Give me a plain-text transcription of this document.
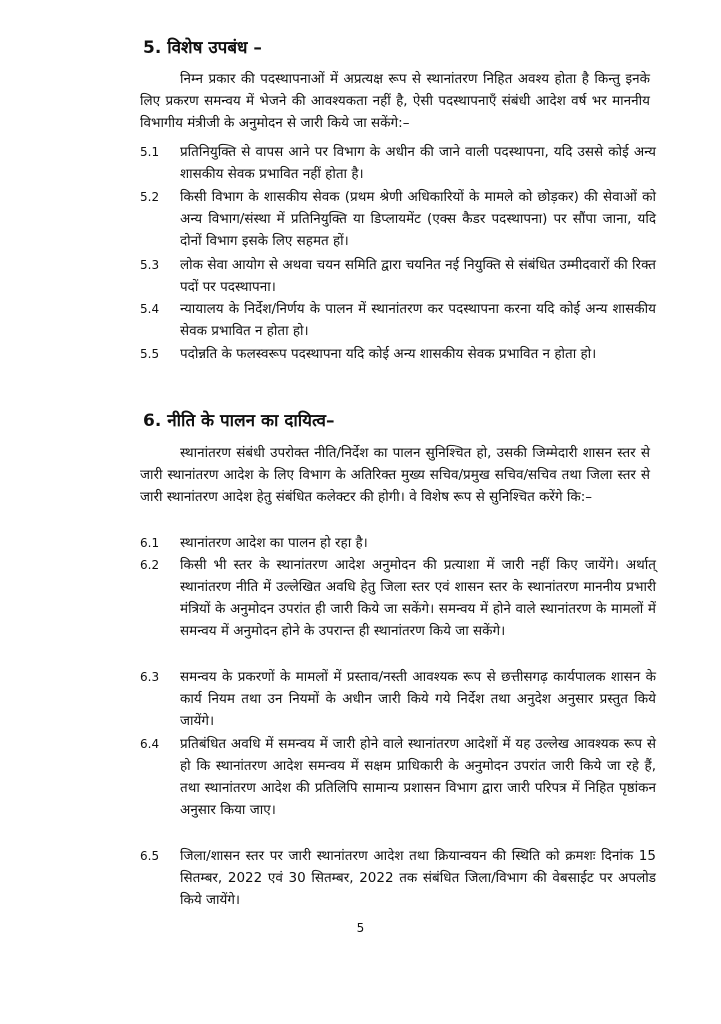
5. विशेष उपबंध –

निम्न प्रकार की पदस्थापनाओं में अप्रत्यक्ष रूप से स्थानांतरण निहित अवश्य होता है किन्तु इनके लिए प्रकरण समन्वय में भेजने की आवश्यकता नहीं है, ऐसी पदस्थापनाएँ संबंधी आदेश वर्ष भर माननीय विभागीय मंत्रीजी के अनुमोदन से जारी किये जा सकेंगे:–

5.1	प्रतिनियुक्ति से वापस आने पर विभाग के अधीन की जाने वाली पदस्थापना, यदि उससे कोई अन्य शासकीय सेवक प्रभावित नहीं होता है।
5.2	किसी विभाग के शासकीय सेवक (प्रथम श्रेणी अधिकारियों के मामले को छोड़कर) की सेवाओं को अन्य विभाग/संस्था में प्रतिनियुक्ति या डिप्लायमेंट (एक्स कैडर पदस्थापना) पर सौंपा जाना, यदि दोनों विभाग इसके लिए सहमत हों।
5.3	लोक सेवा आयोग से अथवा चयन समिति द्वारा चयनित नई नियुक्ति से संबंधित उम्मीदवारों की रिक्त पदों पर पदस्थापना।
5.4	न्यायालय के निर्देश/निर्णय के पालन में स्थानांतरण कर पदस्थापना करना यदि कोई अन्य शासकीय सेवक प्रभावित न होता हो।
5.5	पदोन्नति के फलस्वरूप पदस्थापना यदि कोई अन्य शासकीय सेवक प्रभावित न होता हो।
6. नीति के पालन का दायित्व–

स्थानांतरण संबंधी उपरोक्त नीति/निर्देश का पालन सुनिश्चित हो, उसकी जिम्मेदारी शासन स्तर से जारी स्थानांतरण आदेश के लिए विभाग के अतिरिक्त मुख्य सचिव/प्रमुख सचिव/सचिव तथा जिला स्तर से जारी स्थानांतरण आदेश हेतु संबंधित कलेक्टर की होगी। वे विशेष रूप से सुनिश्चित करेंगे कि:–

6.1	स्थानांतरण आदेश का पालन हो रहा है।
6.2	किसी भी स्तर के स्थानांतरण आदेश अनुमोदन की प्रत्याशा में जारी नहीं किए जायेंगे। अर्थात् स्थानांतरण नीति में उल्लेखित अवधि हेतु जिला स्तर एवं शासन स्तर के स्थानांतरण माननीय प्रभारी मंत्रियों के अनुमोदन उपरांत ही जारी किये जा सकेंगे। समन्वय में होने वाले स्थानांतरण के मामलों में समन्वय में अनुमोदन होने के उपरान्त ही स्थानांतरण किये जा सकेंगे।
6.3	समन्वय के प्रकरणों के मामलों में प्रस्ताव/नस्ती आवश्यक रूप से छत्तीसगढ़ कार्यपालक शासन के कार्य नियम तथा उन नियमों के अधीन जारी किये गये निर्देश तथा अनुदेश अनुसार प्रस्तुत किये जायेंगे।
6.4	प्रतिबंधित अवधि में समन्वय में जारी होने वाले स्थानांतरण आदेशों में यह उल्लेख आवश्यक रूप से हो कि स्थानांतरण आदेश समन्वय में सक्षम प्राधिकारी के अनुमोदन उपरांत जारी किये जा रहे हैं, तथा स्थानांतरण आदेश की प्रतिलिपि सामान्य प्रशासन विभाग द्वारा जारी परिपत्र में निहित पृष्ठांकन अनुसार किया जाए।
6.5	जिला/शासन स्तर पर जारी स्थानांतरण आदेश तथा क्रियान्वयन की स्थिति को क्रमशः दिनांक 15 सितम्बर, 2022 एवं 30 सितम्बर, 2022 तक संबंधित जिला/विभाग की वेबसाईट पर अपलोड किये जायेंगे।
5
